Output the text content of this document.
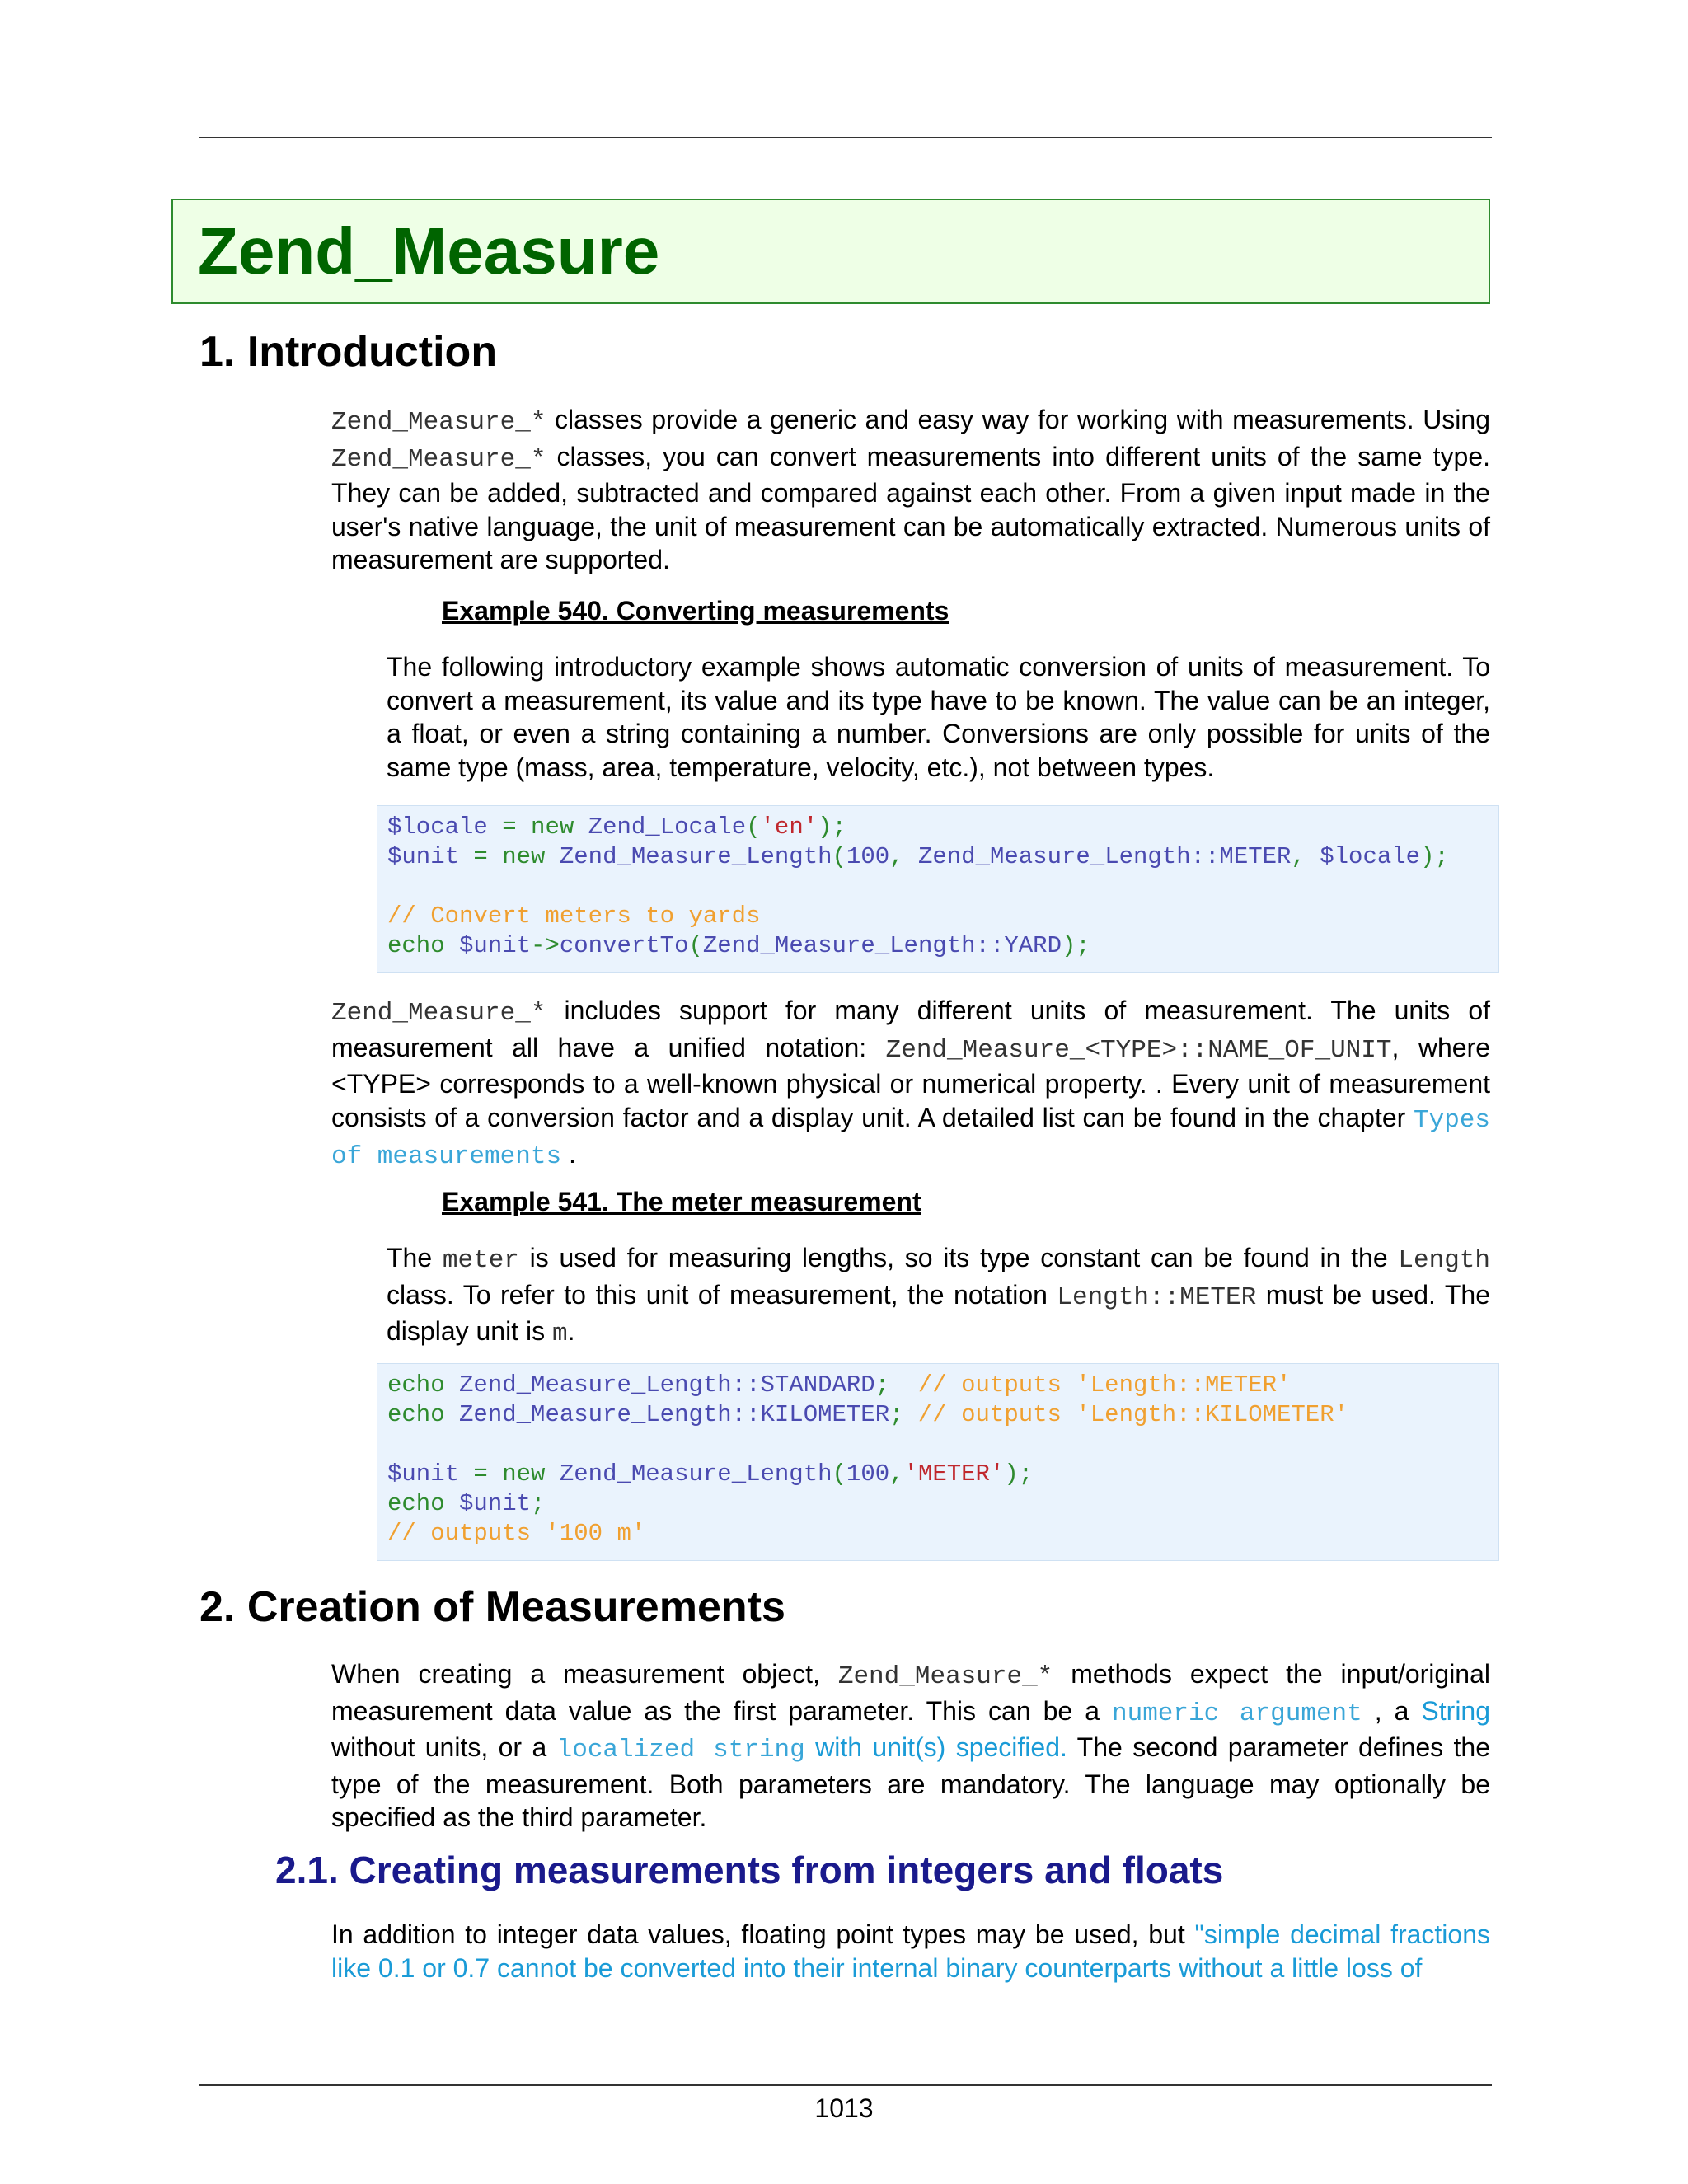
Zend_Measure
1. Introduction

Zend_Measure_* classes provide a generic and easy way for working with measurements. Using Zend_Measure_* classes, you can convert measurements into different units of the same type. They can be added, subtracted and compared against each other. From a given input made in the user's native language, the unit of measurement can be automatically extracted. Numerous units of measurement are supported.

Example 540. Converting measurements

The following introductory example shows automatic conversion of units of measurement. To convert a measurement, its value and its type have to be known. The value can be an integer, a float, or even a string containing a number. Conversions are only possible for units of the same type (mass, area, temperature, velocity, etc.), not between types.

$locale = new Zend_Locale('en');
$unit = new Zend_Measure_Length(100, Zend_Measure_Length::METER, $locale);
// Convert meters to yards
echo $unit->convertTo(Zend_Measure_Length::YARD);

Zend_Measure_* includes support for many different units of measurement. The units of measurement all have a unified notation: Zend_Measure_<TYPE>::NAME_OF_UNIT, where <TYPE> corresponds to a well-known physical or numerical property. . Every unit of measurement consists of a conversion factor and a display unit. A detailed list can be found in the chapter Types of measurements .

Example 541. The meter measurement

The meter is used for measuring lengths, so its type constant can be found in the Length class. To refer to this unit of measurement, the notation Length::METER must be used. The display unit is m.

echo Zend_Measure_Length::STANDARD;  // outputs 'Length::METER'
echo Zend_Measure_Length::KILOMETER; // outputs 'Length::KILOMETER'
$unit = new Zend_Measure_Length(100,'METER');
echo $unit;
// outputs '100 m'
2. Creation of Measurements

When creating a measurement object, Zend_Measure_* methods expect the input/original measurement data value as the first parameter. This can be a numeric argument , a String without units, or a localized string with unit(s) specified. The second parameter defines the type of the measurement. Both parameters are mandatory. The language may optionally be specified as the third parameter.

2.1. Creating measurements from integers and floats

In addition to integer data values, floating point types may be used, but "simple decimal fractions like 0.1 or 0.7 cannot be converted into their internal binary counterparts without a little loss of

1013
